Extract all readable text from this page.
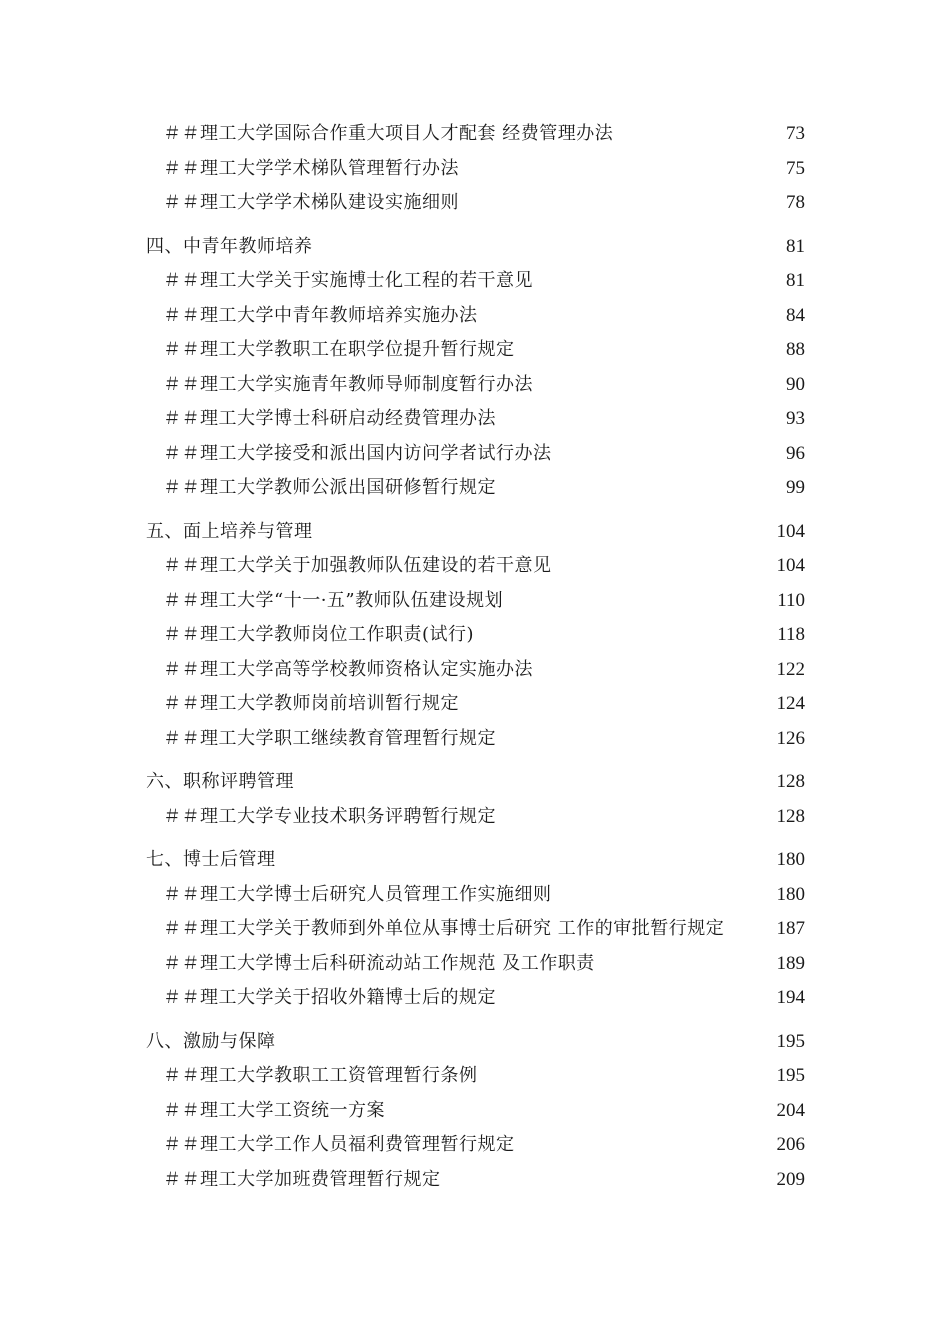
＃＃理工大学国际合作重大项目人才配套 经费管理办法	73
＃＃理工大学学术梯队管理暂行办法	75
＃＃理工大学学术梯队建设实施细则	78
四、中青年教师培养	81
＃＃理工大学关于实施博士化工程的若干意见	81
＃＃理工大学中青年教师培养实施办法	84
＃＃理工大学教职工在职学位提升暂行规定	88
＃＃理工大学实施青年教师导师制度暂行办法	90
＃＃理工大学博士科研启动经费管理办法	93
＃＃理工大学接受和派出国内访问学者试行办法	96
＃＃理工大学教师公派出国研修暂行规定	99
五、面上培养与管理	104
＃＃理工大学关于加强教师队伍建设的若干意见	104
＃＃理工大学“十一·五”教师队伍建设规划	110
＃＃理工大学教师岗位工作职责(试行)	118
＃＃理工大学高等学校教师资格认定实施办法	122
＃＃理工大学教师岗前培训暂行规定	124
＃＃理工大学职工继续教育管理暂行规定	126
六、职称评聘管理	128
＃＃理工大学专业技术职务评聘暂行规定	128
七、博士后管理	180
＃＃理工大学博士后研究人员管理工作实施细则	180
＃＃理工大学关于教师到外单位从事博士后研究 工作的审批暂行规定	187
＃＃理工大学博士后科研流动站工作规范 及工作职责	189
＃＃理工大学关于招收外籍博士后的规定	194
八、激励与保障	195
＃＃理工大学教职工工资管理暂行条例	195
＃＃理工大学工资统一方案	204
＃＃理工大学工作人员福利费管理暂行规定	206
＃＃理工大学加班费管理暂行规定	209
